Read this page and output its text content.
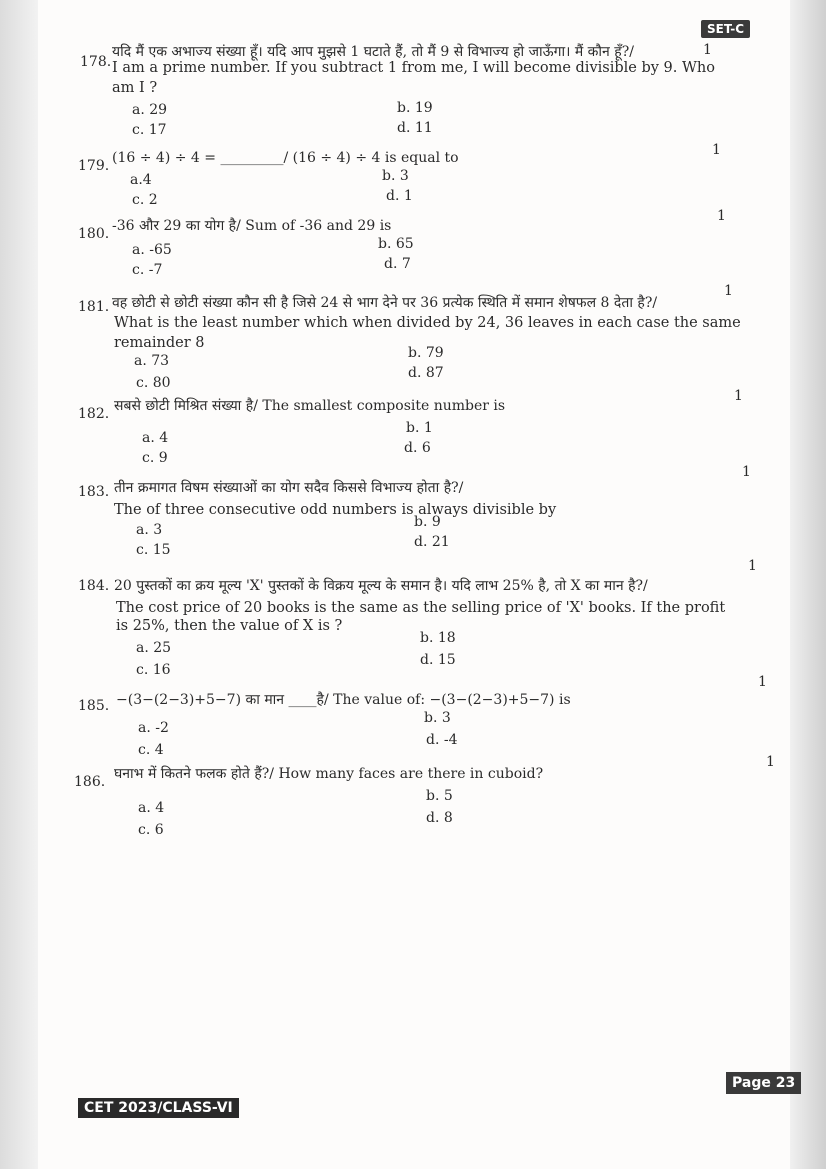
SET-C
178.
यदि मैं एक अभाज्य संख्या हूँ। यदि आप मुझसे 1 घटाते हैं, तो मैं 9 से विभाज्य हो जाऊँगा। मैं कौन हूँ?/
I am a prime number. If you subtract 1 from me, I will become divisible by 9. Who
am I ?
1
a. 29	b. 19
c. 17	d. 11
179. (16 ÷ 4) ÷ 4 = _________/ (16 ÷ 4) ÷ 4 is equal to	1
a.4	b. 3
c. 2	d. 1
180. -36 और 29 का योग है/ Sum of -36 and 29 is
1
a. -65	b. 65
c. -7	d. 7
181. वह छोटी से छोटी संख्या कौन सी है जिसे 24 से भाग देने पर 36 प्रत्येक स्थिति में समान शेषफल 8 देता है?/
What is the least number which when divided by 24, 36 leaves in each case the same
remainder 8
1
a. 73	b. 79
c. 80
d. 87
182. सबसे छोटी मिश्रित संख्या है/ The smallest composite number is
1
a. 4
b. 1
c. 9
d. 6
183. तीन क्रमागत विषम संख्याओं का योग सदैव किससे विभाज्य होता है?/
The of three consecutive odd numbers is always divisible by
1
a. 3	b. 9
c. 15	d. 21
184. 20 पुस्तकों का क्रय मूल्य 'X' पुस्तकों के विक्रय मूल्य के समान है। यदि लाभ 25% है, तो X का मान है?/
The cost price of 20 books is the same as the selling price of 'X' books. If the profit
is 25%, then the value of X is ?
1
a. 25
b. 18
c. 16
d. 15
185. −(3−(2−3)+5−7) का मान ____है/ The value of: −(3−(2−3)+5−7) is
1
a. -2
b. 3
c. 4
d. -4
186. घनाभ में कितने फलक होते हैं?/ How many faces are there in cuboid?
1
a. 4
b. 5
c. 6
d. 8
Page 23
CET 2023/CLASS-VI
